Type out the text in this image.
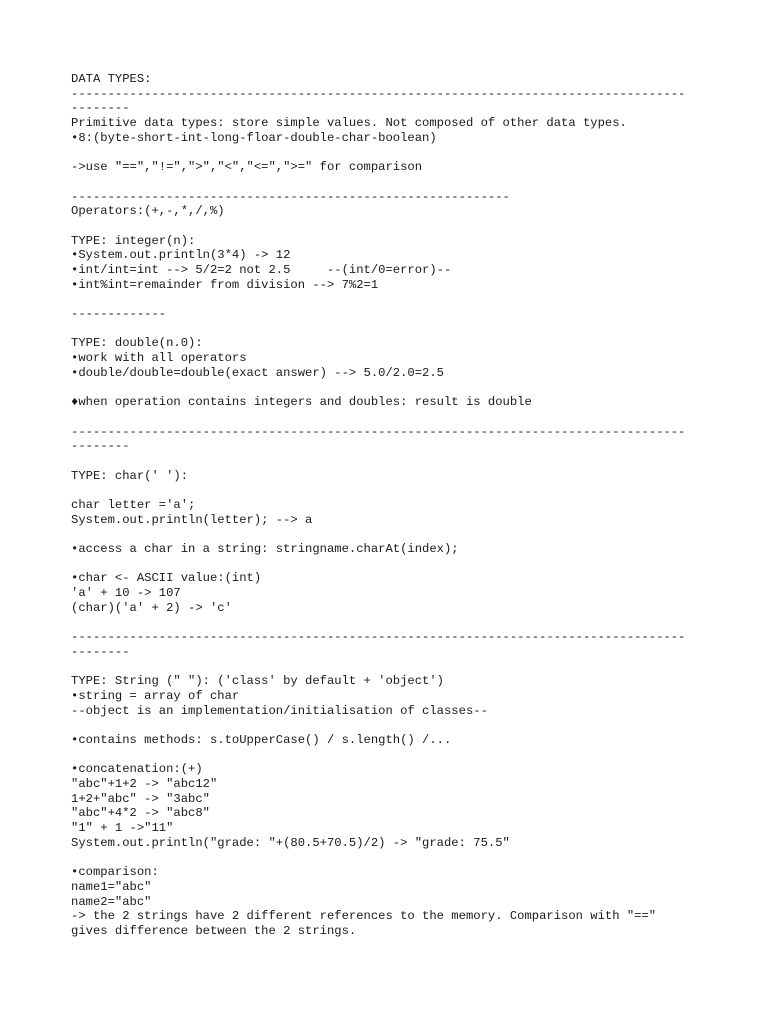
DATA TYPES:
------------------------------------------------------------------------------------
--------
Primitive data types: store simple values. Not composed of other data types.
•8:(byte-short-int-long-floar-double-char-boolean)
->use "==","!=",">","<","<=",">=" for comparison
------------------------------------------------------------
Operators:(+,-,*,/,%)
TYPE: integer(n):
•System.out.println(3*4) -> 12
•int/int=int --> 5/2=2 not 2.5     --(int/0=error)--
•int%int=remainder from division --> 7%2=1
-------------
TYPE: double(n.0):
•work with all operators
•double/double=double(exact answer) --> 5.0/2.0=2.5
♦when operation contains integers and doubles: result is double
------------------------------------------------------------------------------------
--------
TYPE: char(' '):
char letter ='a';
System.out.println(letter); --> a
•access a char in a string: stringname.charAt(index);
•char <- ASCII value:(int)
'a' + 10 -> 107
(char)('a' + 2) -> 'c'
------------------------------------------------------------------------------------
--------
TYPE: String (" "): ('class' by default + 'object')
•string = array of char
--object is an implementation/initialisation of classes--
•contains methods: s.toUpperCase() / s.length() /...
•concatenation:(+)
"abc"+1+2 -> "abc12"
1+2+"abc" -> "3abc"
"abc"+4*2 -> "abc8"
"1" + 1 ->"11"
System.out.println("grade: "+(80.5+70.5)/2) -> "grade: 75.5"
•comparison:
name1="abc"
name2="abc"
-> the 2 strings have 2 different references to the memory. Comparison with "=="
gives difference between the 2 strings.
